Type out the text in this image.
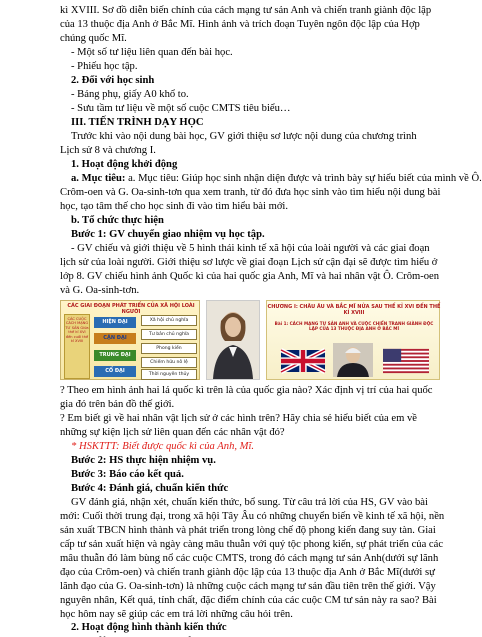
kì XVIII. Sơ đồ diễn biến chính của cách mạng tư sản Anh và chiến tranh giành độc lập
của 13 thuộc địa Anh ở Bắc Mĩ. Hình ảnh và trích đoạn Tuyên ngôn độc lập của Hợp
chúng quốc Mĩ.
- Một số tư liệu liên quan đến bài học.
- Phiếu học tập.
2. Đối với học sinh
- Bảng phụ, giấy A0 khổ to.
- Sưu tầm tư liệu về một số cuộc CMTS tiêu biểu…
III. TIẾN TRÌNH DẠY HỌC
Trước khi vào nội dung bài học, GV giới thiệu sơ lược nội dung của chương trình
Lịch sử 8 và chương I.
1. Hoạt động khởi động
a. Mục tiêu: a. Mục tiêu: Giúp học sinh nhận diện được và trình bày sự hiểu biết của mình về Ô.
Crôm-oen và G. Oa-sinh-tơn qua xem tranh, từ đó đưa học sinh vào tìm hiểu nội dung bài
học, tạo tâm thế cho học sinh đi vào tìm hiểu bài mới.
b. Tổ chức thực hiện
Bước 1: GV chuyển giao nhiệm vụ học tập.
- GV chiếu và giới thiệu về 5 hình thái kinh tế xã hội của loài người và các giai đoạn
lịch sử của loài người. Giới thiệu sơ lược về giai đoạn Lịch sử cận đại sẽ được tìm hiểu ở
lớp 8. GV chiếu hình ảnh Quốc kì của hai quốc gia Anh, Mĩ và hai nhân vật Ô. Crôm-oen
và G. Oa-sinh-tơn.
CÁC GIAI ĐOẠN PHÁT TRIỂN CỦA XÃ HỘI LOÀI NGƯỜI
CÁC CUỘC CÁCH MẠNG TƯ SẢN Giữa thế kỉ XVI đến cuối thế kỉ XVIII
HIỆN ĐẠI
CẬN ĐẠI
TRUNG ĐẠI
CỔ ĐẠI
Xã hội chủ nghĩa
Tư bản chủ nghĩa
Phong kiến
Chiếm hữu nô lệ
Thời nguyên thủy
CHƯƠNG I: CHÂU ÂU VÀ BẮC MĨ NỬA SAU THẾ KỈ XVI ĐẾN THẾ KỈ XVIII
Bài 1: CÁCH MẠNG TƯ SẢN ANH VÀ CUỘC CHIẾN TRANH GIÀNH ĐỘC LẬP CỦA 13 THUỘC ĐỊA ANH Ở BẮC MĨ
? Theo em hình ảnh hai lá quốc kì trên là của quốc gia nào? Xác định vị trí của hai quốc
gia đó trên bản đồ thế giới.
? Em biết gì về hai nhân vật lịch sử ở các hình trên? Hãy chia sẻ hiểu biết của em về
những sự kiện lịch sử liên quan đến các nhân vật đó?
* HSKTTT: Biết được quốc kì của Anh, Mĩ.
Bước 2: HS thực hiện nhiệm vụ.
Bước 3: Báo cáo kết quả.
Bước 4: Đánh giá, chuẩn kiến thức
GV đánh giá, nhận xét, chuẩn kiến thức, bổ sung. Từ câu trả lời của HS, GV vào bài
mới: Cuối thời trung đại, trong xã hội Tây Âu có những chuyển biến về kinh tế xã hội, nền
sản xuất TBCN hình thành và phát triển trong lòng chế độ phong kiến đang suy tàn. Giai
cấp tư sản xuất hiện và ngày càng mâu thuẫn với quý tộc phong kiến, sự phát triển của các
mâu thuẫn đó làm bùng nổ các cuộc CMTS, trong đó cách mạng tư sản Anh(dưới sự lãnh
đạo của Crôm-oen) và chiến tranh giành độc lập của 13 thuộc địa Anh ở Bắc Mĩ(dưới sự
lãnh đạo của G. Oa-sinh-tơn) là những cuộc cách mạng tư sản đầu tiên trên thế giới. Vậy
nguyên nhân, Kết quả, tính chất, đặc điểm chính của các cuộc CM tư sản này ra sao? Bài
học hôm nay sẽ giúp các em trả lời những câu hỏi trên.
2. Hoạt động hình thành kiến thức
